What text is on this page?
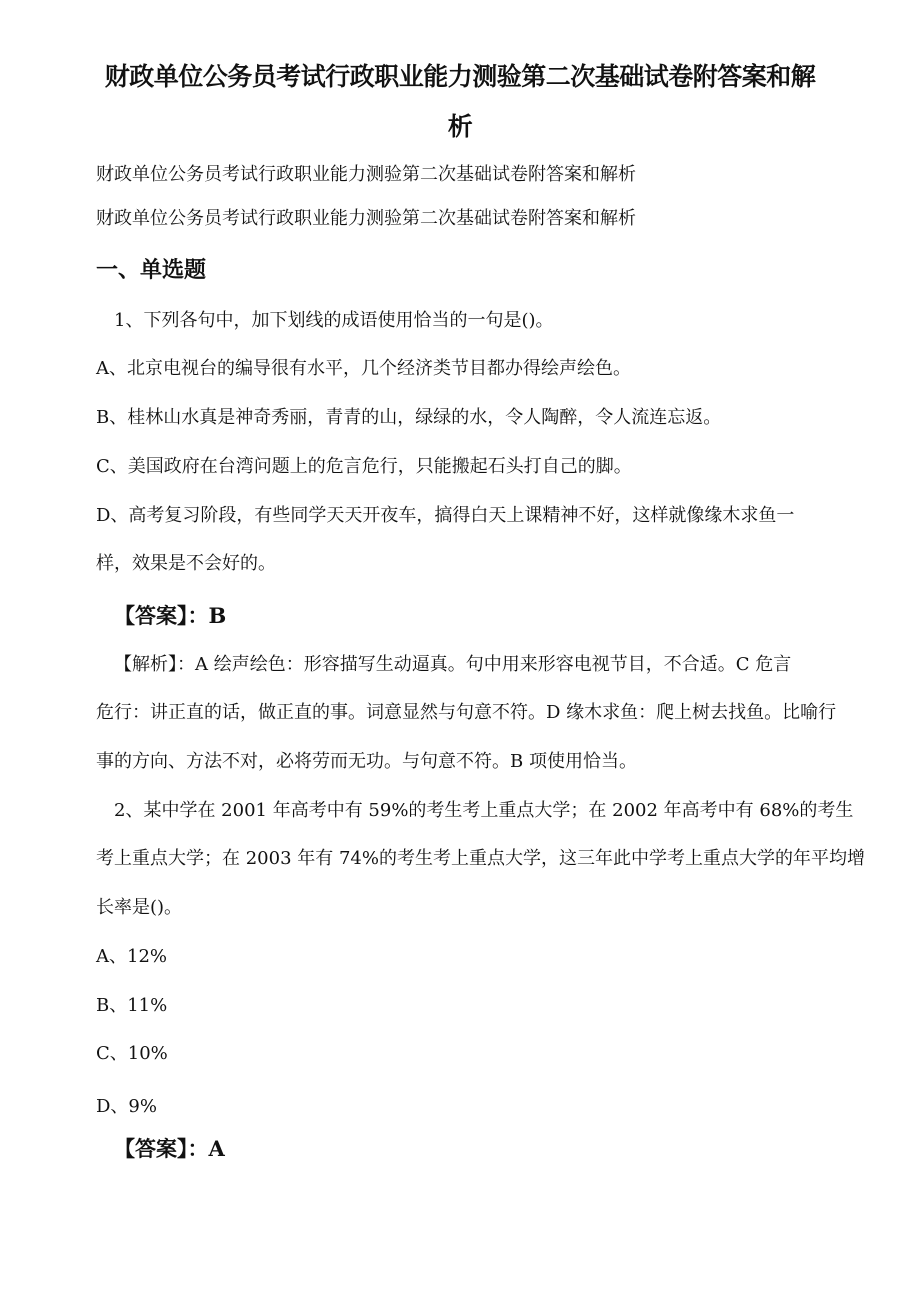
财政单位公务员考试行政职业能力测验第二次基础试卷附答案和解
析
财政单位公务员考试行政职业能力测验第二次基础试卷附答案和解析
财政单位公务员考试行政职业能力测验第二次基础试卷附答案和解析
一、单选题
1、下列各句中，加下划线的成语使用恰当的一句是()。
A、北京电视台的编导很有水平，几个经济类节目都办得绘声绘色。
B、桂林山水真是神奇秀丽，青青的山，绿绿的水，令人陶醉，令人流连忘返。
C、美国政府在台湾问题上的危言危行，只能搬起石头打自己的脚。
D、高考复习阶段，有些同学天天开夜车，搞得白天上课精神不好，这样就像缘木求鱼一
样，效果是不会好的。
【答案】：B
【解析】：A 绘声绘色：形容描写生动逼真。句中用来形容电视节目，不合适。C 危言
危行：讲正直的话，做正直的事。词意显然与句意不符。D 缘木求鱼：爬上树去找鱼。比喻行
事的方向、方法不对，必将劳而无功。与句意不符。B 项使用恰当。
2、某中学在 2001 年高考中有 59%的考生考上重点大学；在 2002 年高考中有 68%的考生
考上重点大学；在 2003 年有 74%的考生考上重点大学，这三年此中学考上重点大学的年平均增
长率是()。
A、12%
B、11%
C、10%
D、9%
【答案】：A
